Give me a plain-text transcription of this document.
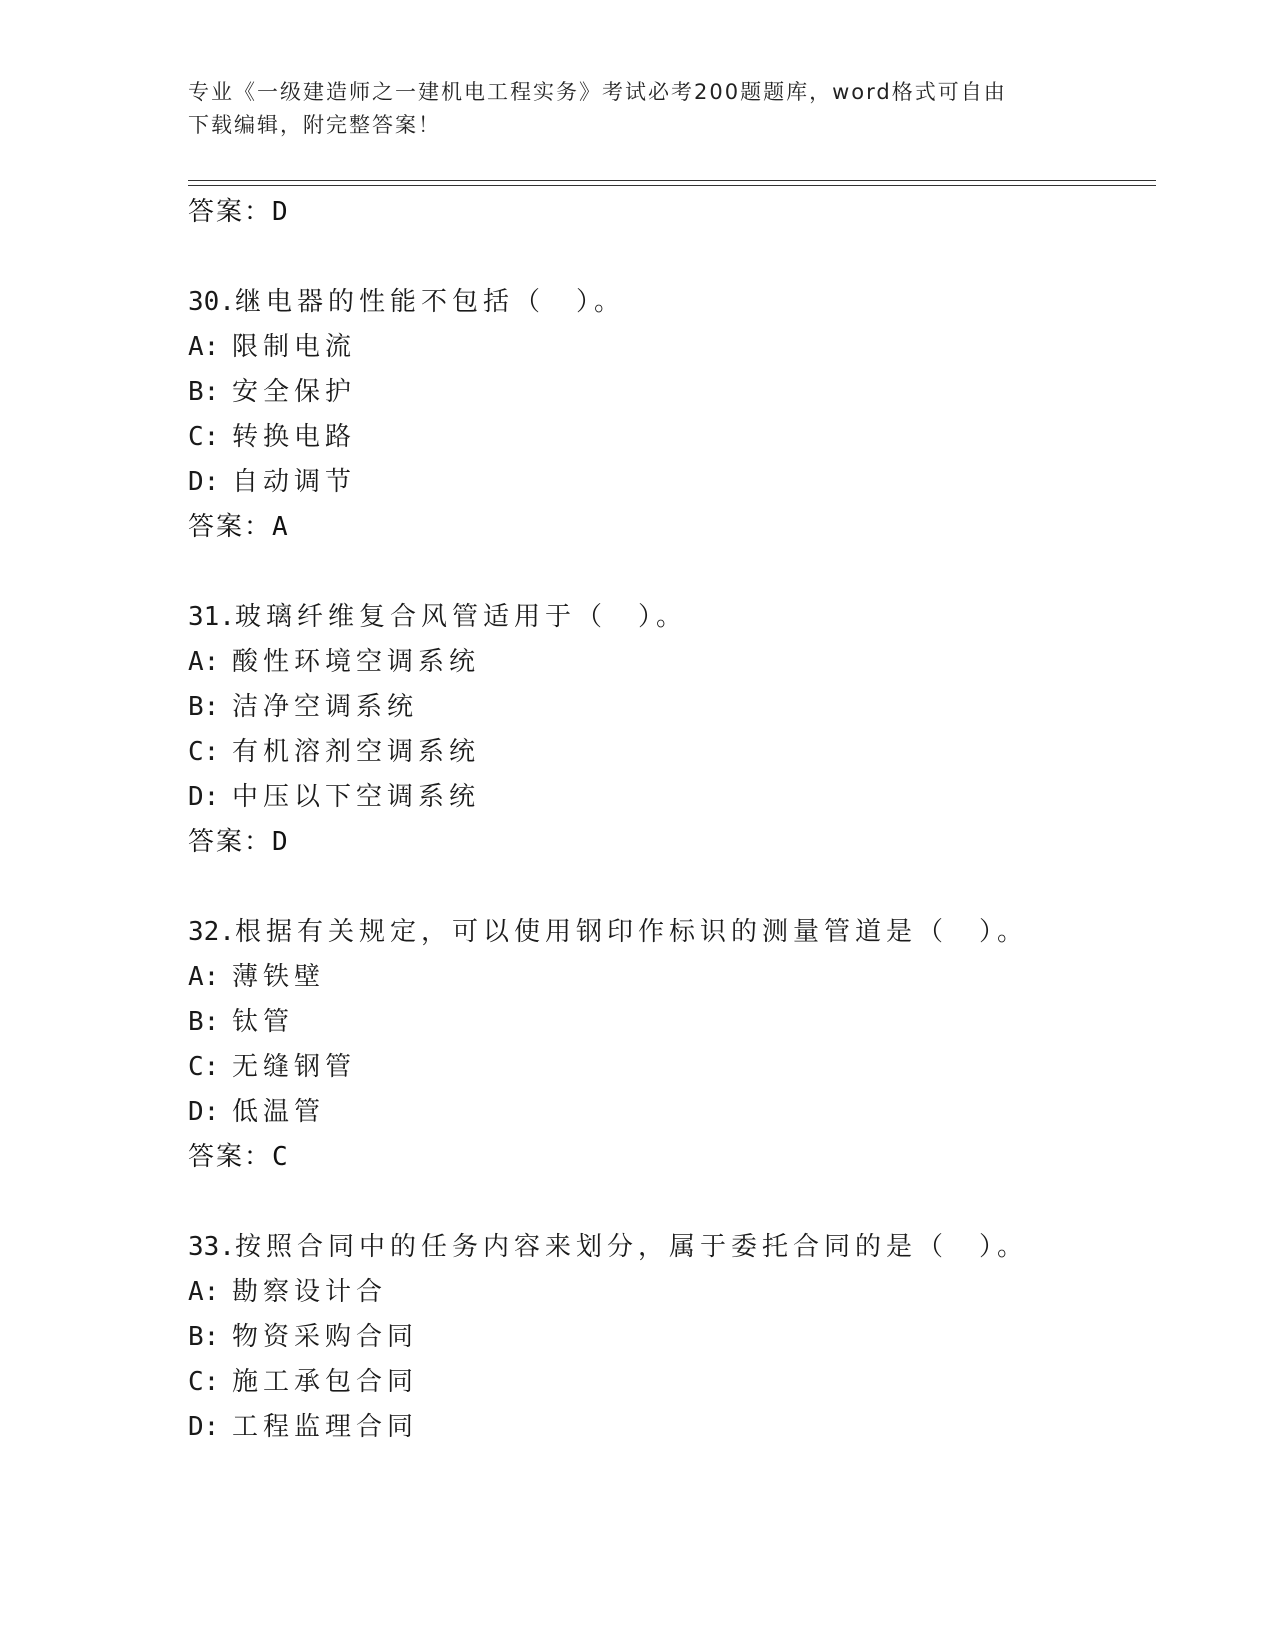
专业《一级建造师之一建机电工程实务》考试必考200题题库，word格式可自由
下载编辑，附完整答案！
答案：D
30.继电器的性能不包括（　）。
A: 限制电流
B: 安全保护
C: 转换电路
D: 自动调节
答案：A
31.玻璃纤维复合风管适用于（　）。
A: 酸性环境空调系统
B: 洁净空调系统
C: 有机溶剂空调系统
D: 中压以下空调系统
答案：D
32.根据有关规定，可以使用钢印作标识的测量管道是（　）。
A: 薄铁壁
B: 钛管
C: 无缝钢管
D: 低温管
答案：C
33.按照合同中的任务内容来划分，属于委托合同的是（　）。
A: 勘察设计合
B: 物资采购合同
C: 施工承包合同
D: 工程监理合同
